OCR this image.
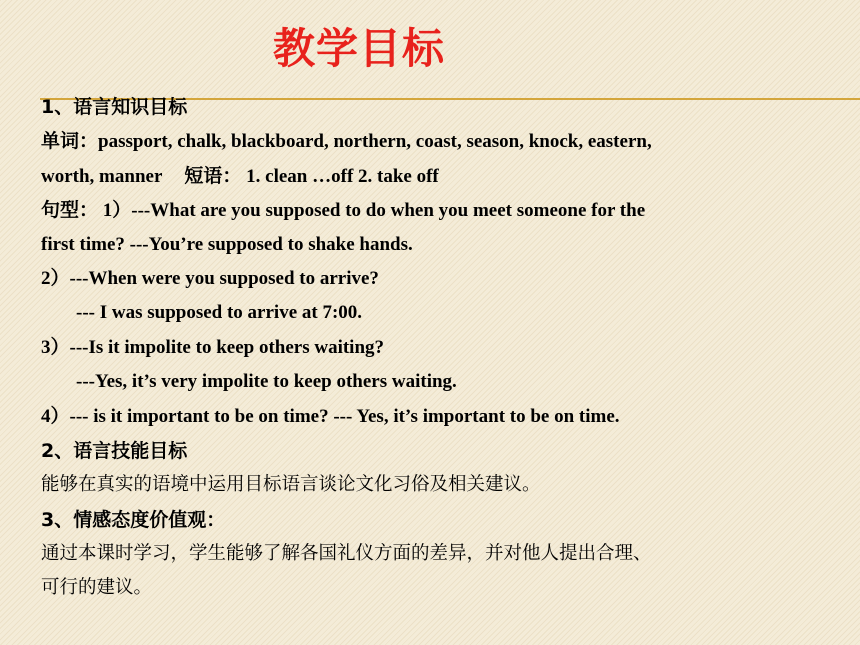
教学目标
1、语言知识目标
单词：passport, chalk, blackboard, northern, coast, season, knock, eastern,
worth, manner 短语： 1. clean …off 2. take off
句型： 1）---What are you supposed to do when you meet someone for the
first time? ---You’re supposed to shake hands.
2）---When were you supposed to arrive?
--- I was supposed to arrive at 7:00.
3）---Is it impolite to keep others waiting?
---Yes, it’s very impolite to keep others waiting.
4）--- is it important to be on time? --- Yes, it’s important to be on time.
2、语言技能目标
能够在真实的语境中运用目标语言谈论文化习俗及相关建议。
3、情感态度价值观：
通过本课时学习，学生能够了解各国礼仪方面的差异，并对他人提出合理、
可行的建议。
